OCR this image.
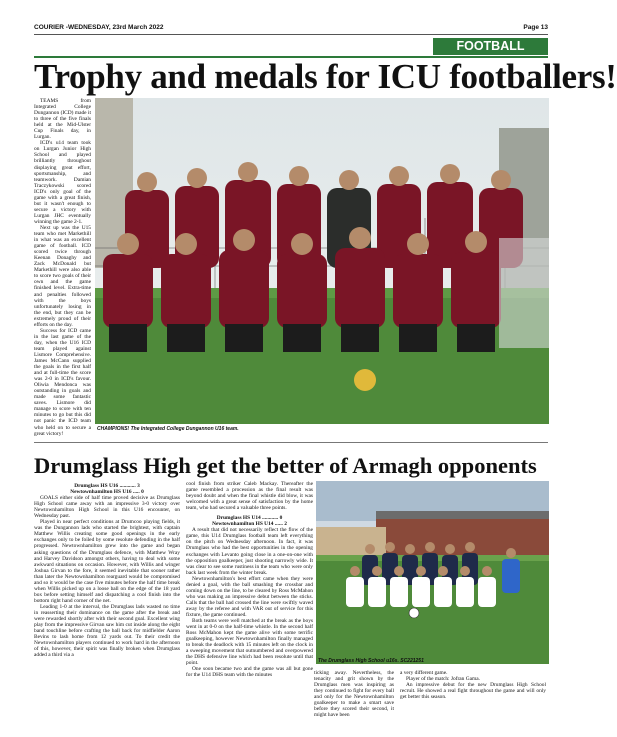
COURIER -WEDNESDAY, 23rd March 2022	Page 13
FOOTBALL
Trophy and medals for ICU footballers!

TEAMS from Integrated College Dungannon (ICD) made it to three of the five finals held at the Mid-Ulster Cup Finals day, in Lurgan.

ICD's u14 team took on Lurgan Junior High School and played brilliantly throughout displaying great effort, sportsmanship, and teamwork. Damian Traczykowski scored ICD's only goal of the game with a great finish, but it wasn't enough to secure a victory with Lurgan JHC eventually winning the game 2-1.

Next up was the U15 team who met Markethill in what was an excellent game of football. ICD scored twice through Keenan Donaghy and Zack McDonald but Markethill were also able to score two goals of their own and the game finished level. Extra-time and penalties followed with the boys unfortunately losing in the end, but they can be extremely proud of their efforts on the day.

Success for ICD came in the last game of the day, when the U16 ICD team played against Lismore Comprehensive. James McCann supplied the goals in the first half and at full-time the score was 2-0 in ICD's favour. Oliwia Mendonca was outstanding in goals and made some fantastic saves. Lismore did manage to score with ten minutes to go but this did not panic the ICD team who held on to secure a great victory!

CHAMPIONS! The Integrated College Dungannon U16 team.
Drumglass High get the better of Armagh opponents

Drumglass HS U16 ............ 3

Newtownhamilton HS U16 ..... 0

GOALS either side of half time proved decisive as Drumglass High School came away with an impressive 3-0 victory over Newtownhamilton High School in this U16 encounter, on Wednesday past.

Played in near perfect conditions at Drumcoo playing fields, it was the Dungannon lads who started the brightest, with captain Matthew Willis creating some good openings in the early exchanges only to be foiled by some resolute defending in the half progressed. Newtownhamilton grew into the game and began asking questions of the Drumglass defence, with Matthew Wray and Harvey Davidson amongst others, having to deal with some awkward situations on occasion. However, with Willis and winger Joshua Girvan to the fore, it seemed inevitable that sooner rather than later the Newtownhamilton rearguard would be compromised and so it would be the case five minutes before the half time break when Willis picked up on a loose ball on the edge of the 18 yard box before setting himself and dispatching a cool finish into the bottom right hand corner of the net.

Leading 1-0 at the interval, the Drumglass lads wasted no time in reasserting their dominance on the game after the break and were rewarded shortly after with their second goal. Excellent wing play from the impressive Girvan saw him cut inside along the eight band touchline before crafting the ball back for midfielder Aaron Bevins to lash home from 12 yards out. To their credit the Newtownhamilton players continued to work hard in the afternoon of this, however, their spirit was finally broken when Drumglass added a third via a

cool finish from striker Caleb Mackay. Thereafter the game resembled a procession as the final result was beyond doubt and when the final whistle did blow, it was welcomed with a great sense of satisfaction by the home team, who had secured a valuable three points.

Drumglass HS U14 ............ 0

Newtownhamilton HS U14 ...... 2

A result that did not necessarily reflect the flow of the game, this U14 Drumglass football team left everything on the pitch on Wednesday afternoon. In fact, it was Drumglass who had the best opportunities in the opening exchanges with Levanto going close in a one-on-one with the opposition goalkeeper, just shooting narrowly wide. It was clear to see some rustiness in the team who were only back last week from the winter break.

Newtownhamilton's best effort came when they were denied a goal, with the ball smashing the crossbar and coming down on the line, to be cleared by Ross McMahon who was making an impressive debut between the sticks. Calls that the ball had crossed the line were swiftly waved away by the referee and with VAR out of service for this fixture, the game continued.

Both teams were well matched at the break as the boys went in at 0-0 on the half-time whistle. In the second half Ross McMahon kept the game alive with some terrific goalkeeping, however Newtownhamilton finally managed to break the deadlock with 15 minutes left on the clock in a sweeping movement that outnumbered and overpowered the DHS defensive line which had been resolute until that point.

One soon became two and the game was all but gone for the U14 DHS team with the minutes

The Drumglass High School u16s. SC221251

ticking away. Nevertheless, the tenacity and grit shown by the Drumglass men was inspiring as they continued to fight for every ball and only for the Newtownhamilton goalkeeper to make a smart save before they scored their second, it might have been

a very different game.

Player of the match: Jofran Gama.

An impressive debut for the new Drumglass High School recruit. He showed a real fight throughout the game and will only get better this season.
